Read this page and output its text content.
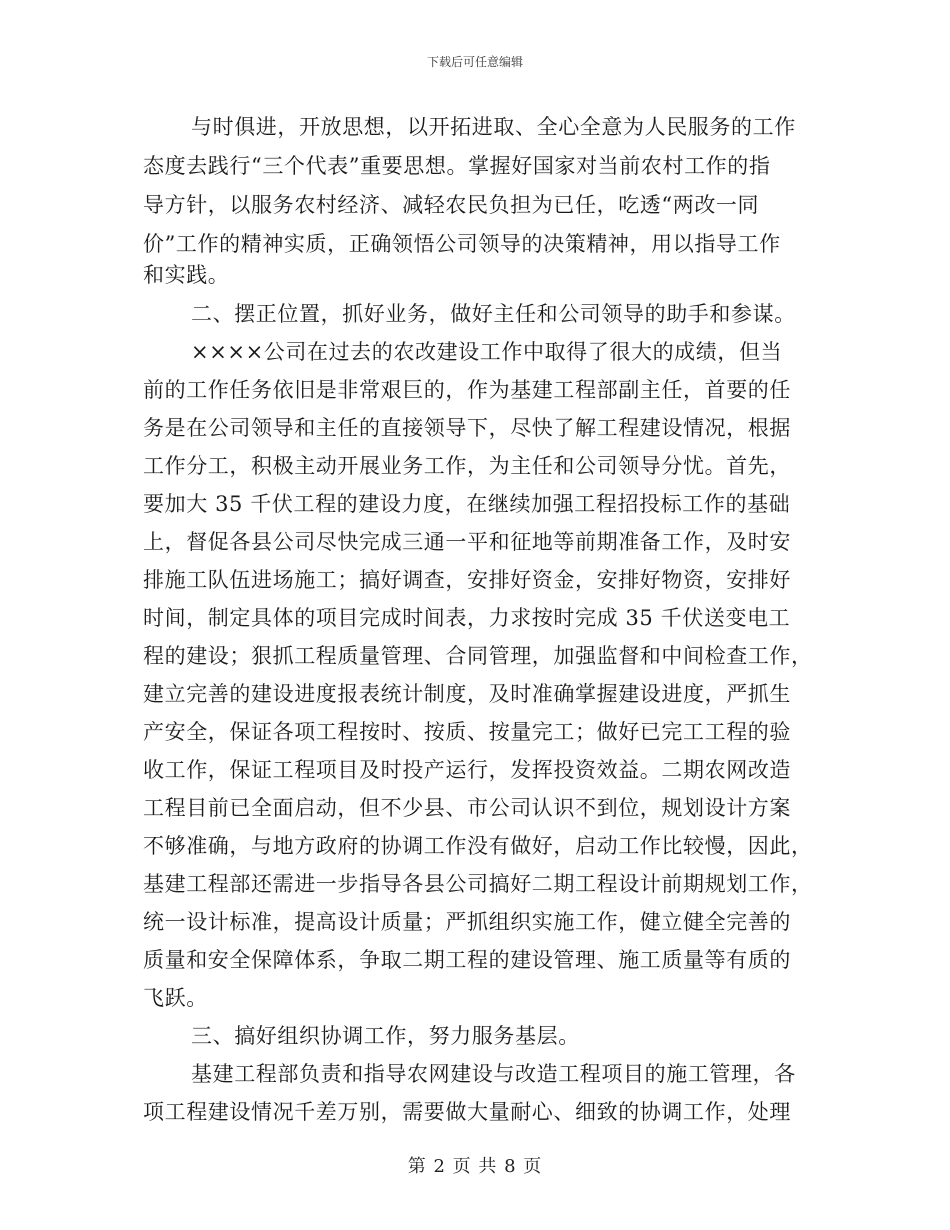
下载后可任意编辑
与时俱进，开放思想，以开拓进取、全心全意为人民服务的工作
态度去践行“三个代表”重要思想。掌握好国家对当前农村工作的指
导方针，以服务农村经济、减轻农民负担为已任，吃透“两改一同
价”工作的精神实质，正确领悟公司领导的决策精神，用以指导工作
和实践。
二、摆正位置，抓好业务，做好主任和公司领导的助手和参谋。
××××公司在过去的农改建设工作中取得了很大的成绩，但当
前的工作任务依旧是非常艰巨的，作为基建工程部副主任，首要的任
务是在公司领导和主任的直接领导下，尽快了解工程建设情况，根据
工作分工，积极主动开展业务工作，为主任和公司领导分忧。首先，
要加大 35 千伏工程的建设力度，在继续加强工程招投标工作的基础
上，督促各县公司尽快完成三通一平和征地等前期准备工作，及时安
排施工队伍进场施工；搞好调查，安排好资金，安排好物资，安排好
时间，制定具体的项目完成时间表，力求按时完成 35 千伏送变电工
程的建设；狠抓工程质量管理、合同管理，加强监督和中间检查工作，
建立完善的建设进度报表统计制度，及时准确掌握建设进度，严抓生
产安全，保证各项工程按时、按质、按量完工；做好已完工工程的验
收工作，保证工程项目及时投产运行，发挥投资效益。二期农网改造
工程目前已全面启动，但不少县、市公司认识不到位，规划设计方案
不够准确，与地方政府的协调工作没有做好，启动工作比较慢，因此，
基建工程部还需进一步指导各县公司搞好二期工程设计前期规划工作，
统一设计标准，提高设计质量；严抓组织实施工作，健立健全完善的
质量和安全保障体系，争取二期工程的建设管理、施工质量等有质的
飞跃。
三、搞好组织协调工作，努力服务基层。
基建工程部负责和指导农网建设与改造工程项目的施工管理，各
项工程建设情况千差万别，需要做大量耐心、细致的协调工作，处理
第 2 页 共 8 页
